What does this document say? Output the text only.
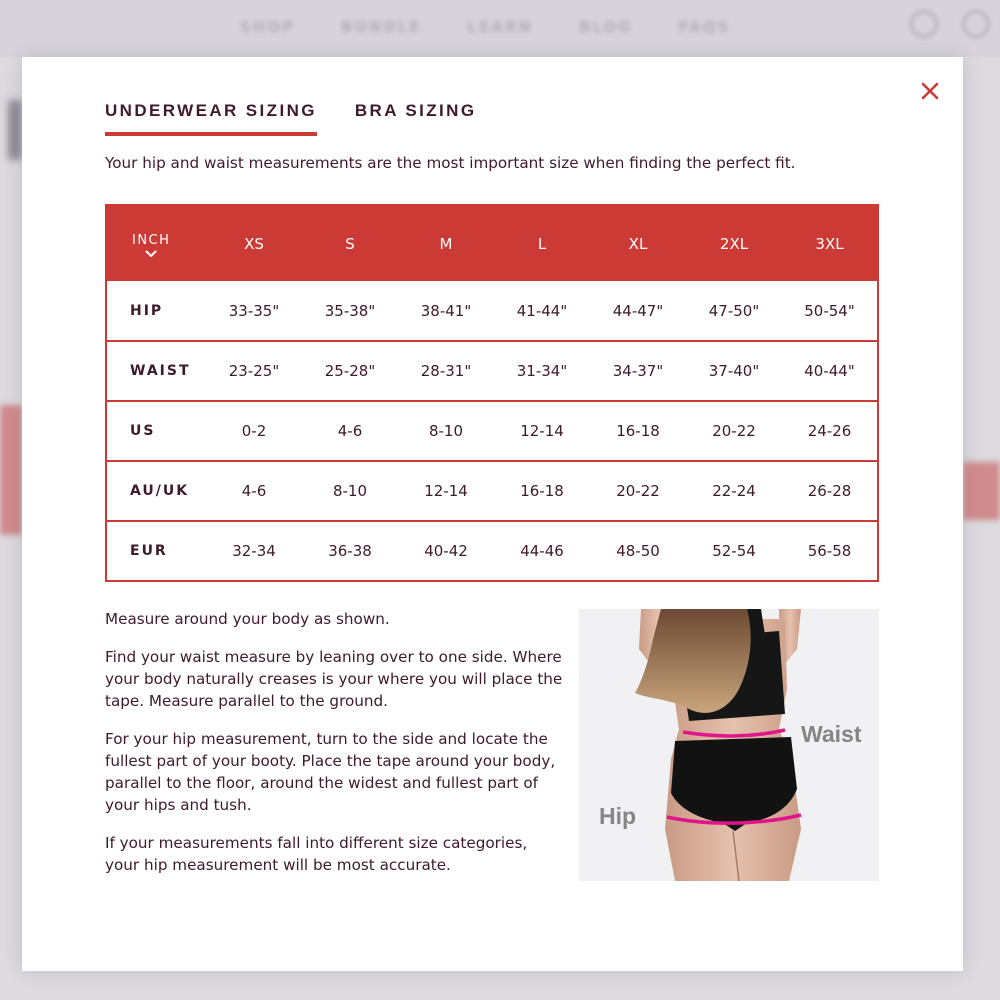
SHOP	BUNDLE	LEARN	BLOG	FAQS
UNDERWEAR SIZING BRA SIZING

Your hip and waist measurements are the most important size when finding the perfect fit.

INCH	XS	S	M	L	XL	2XL	3XL
HIP	33-35"	35-38"	38-41"	41-44"	44-47"	47-50"	50-54"
WAIST	23-25"	25-28"	28-31"	31-34"	34-37"	37-40"	40-44"
US	0-2	4-6	8-10	12-14	16-18	20-22	24-26
AU/UK	4-6	8-10	12-14	16-18	20-22	22-24	26-28
EUR	32-34	36-38	40-42	44-46	48-50	52-54	56-58

Measure around your body as shown.

Find your waist measure by leaning over to one side. Where your body naturally creases is your where you will place the tape. Measure parallel to the ground.

For your hip measurement, turn to the side and locate the fullest part of your booty. Place the tape around your body, parallel to the floor, around the widest and fullest part of your hips and tush.

If your measurements fall into different size categories, your hip measurement will be most accurate.

Waist
Hip
